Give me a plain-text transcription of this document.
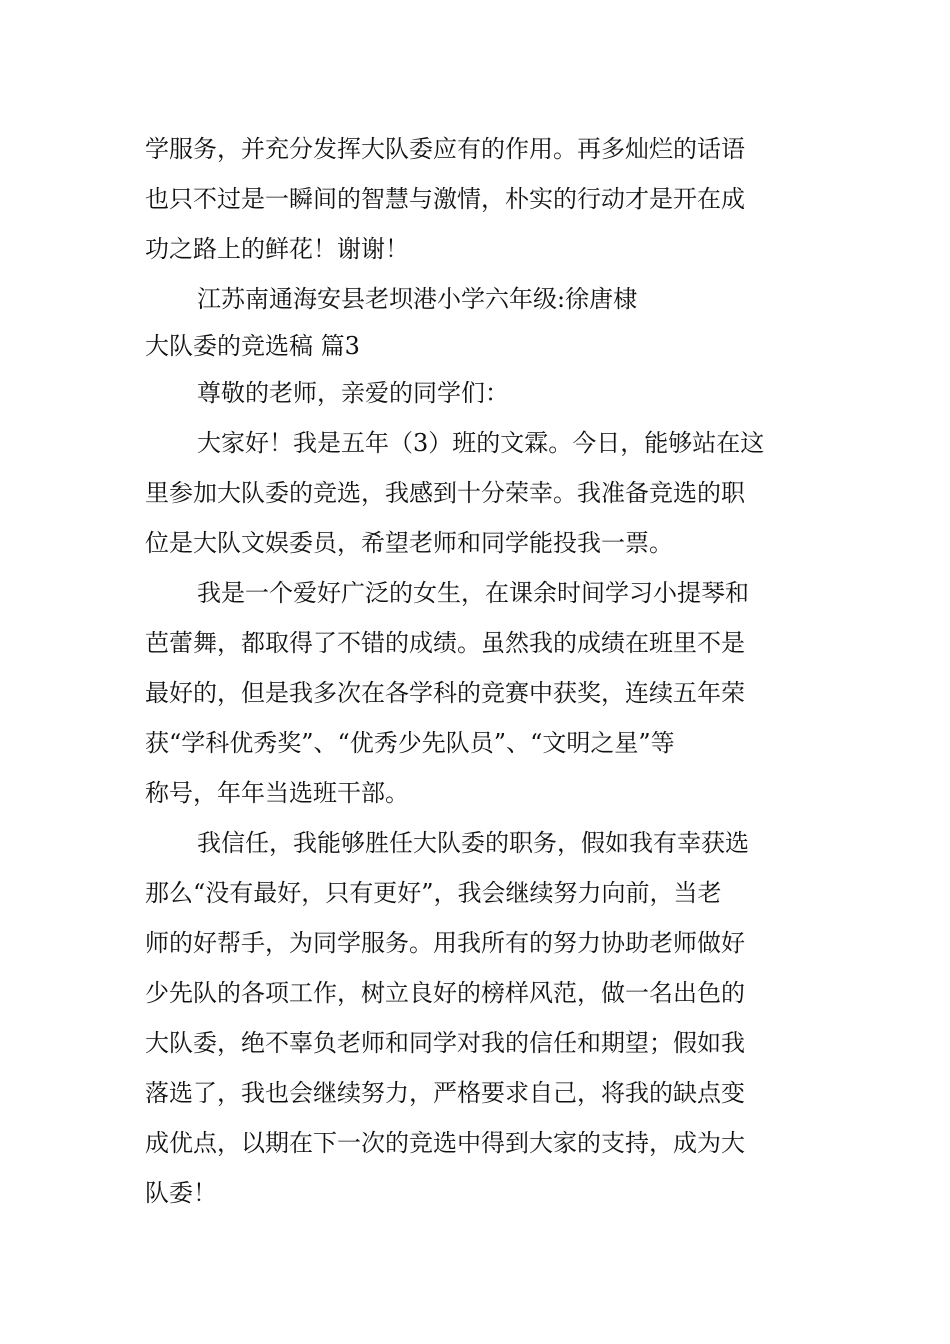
学服务，并充分发挥大队委应有的作用。再多灿烂的话语
也只不过是一瞬间的智慧与激情，朴实的行动才是开在成
功之路上的鲜花！谢谢！
江苏南通海安县老坝港小学六年级:徐唐棣
大队委的竞选稿 篇3
尊敬的老师，亲爱的同学们：
大家好！我是五年（3）班的文霖。今日，能够站在这
里参加大队委的竞选，我感到十分荣幸。我准备竞选的职
位是大队文娱委员，希望老师和同学能投我一票。
我是一个爱好广泛的女生，在课余时间学习小提琴和
芭蕾舞，都取得了不错的成绩。虽然我的成绩在班里不是
最好的，但是我多次在各学科的竞赛中获奖，连续五年荣
获“学科优秀奖”、“优秀少先队员”、“文明之星”等
称号，年年当选班干部。
我信任，我能够胜任大队委的职务，假如我有幸获选
那么“没有最好，只有更好”，我会继续努力向前，当老
师的好帮手，为同学服务。用我所有的努力协助老师做好
少先队的各项工作，树立良好的榜样风范，做一名出色的
大队委，绝不辜负老师和同学对我的信任和期望；假如我
落选了，我也会继续努力，严格要求自己，将我的缺点变
成优点，以期在下一次的竞选中得到大家的支持，成为大
队委！
